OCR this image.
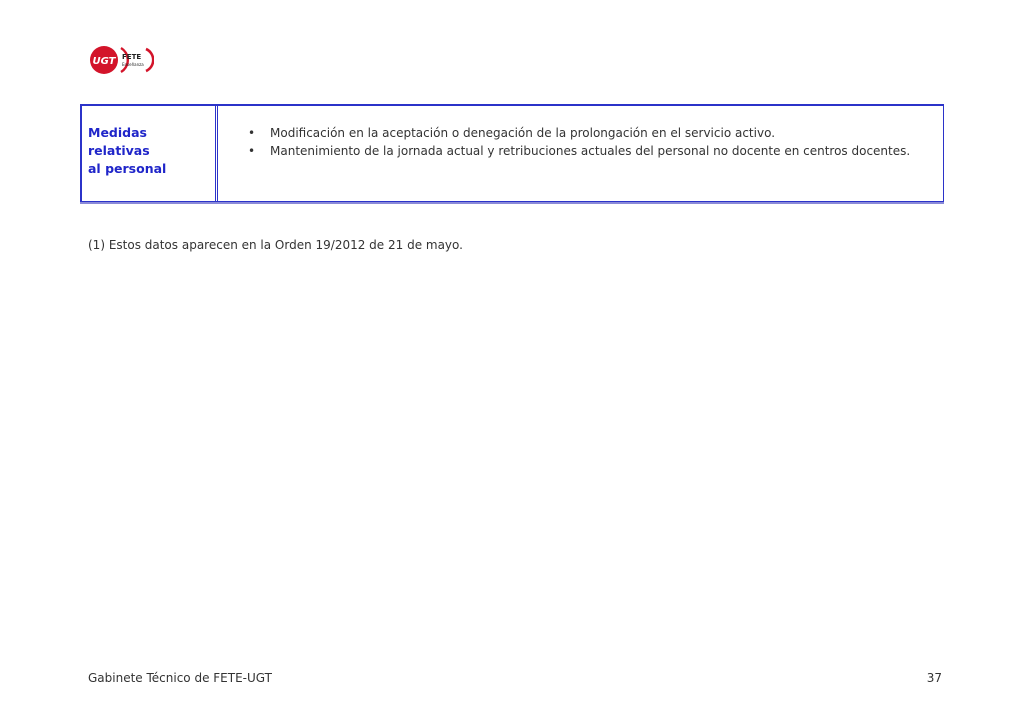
UGT FETE
Enseñanza
Medidas
relativas
al personal
• Modificación en la aceptación o denegación de la prolongación en el servicio activo.
• Mantenimiento de la jornada actual y retribuciones actuales del personal no docente en centros docentes.
(1) Estos datos aparecen en la Orden 19/2012 de 21 de mayo.
Gabinete Técnico de FETE-UGT	37
